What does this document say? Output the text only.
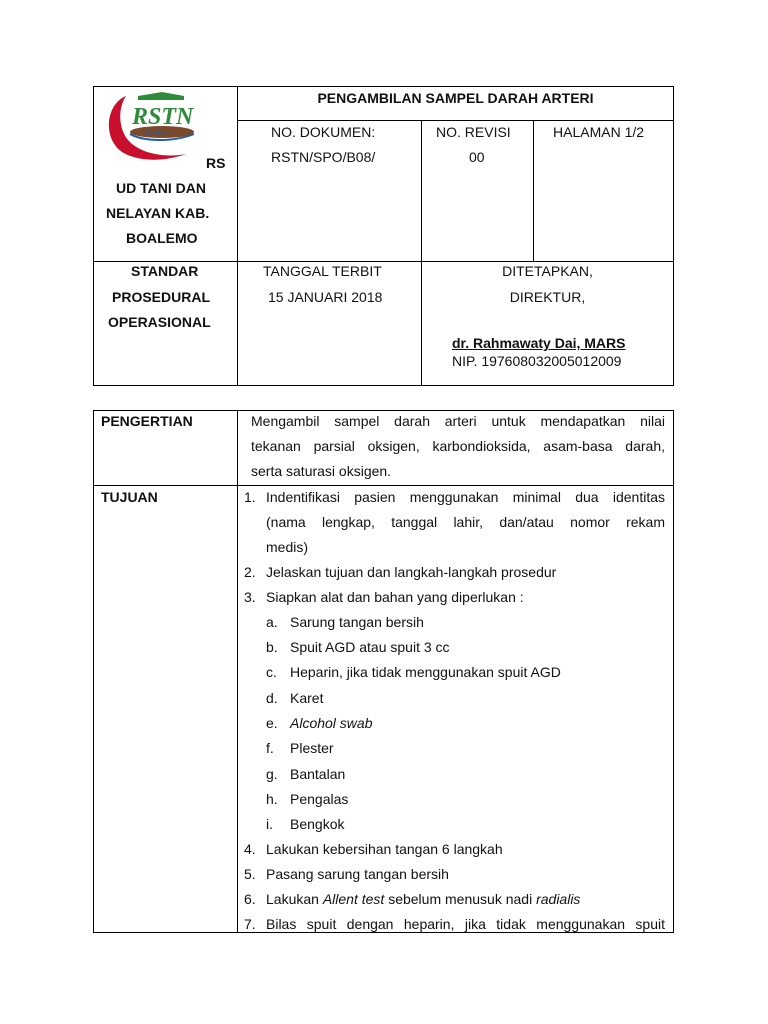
RSTN
Boalemo
RS
UD TANI DAN
NELAYAN KAB.
BOALEMO
PENGAMBILAN SAMPEL DARAH ARTERI
NO. DOKUMEN:
RSTN/SPO/B08/
NO. REVISI
00
HALAMAN 1/2
STANDAR
PROSEDURAL
OPERASIONAL
TANGGAL TERBIT
15 JANUARI 2018
DITETAPKAN,
DIREKTUR,
dr. Rahmawaty Dai, MARS
NIP. 197608032005012009
PENGERTIAN	Mengambil sampel darah arteri untuk mendapatkan nilai
tekanan parsial oksigen, karbondioksida, asam-basa darah,
serta saturasi oksigen.
TUJUAN	1. Indentifikasi pasien menggunakan minimal dua identitas
(nama lengkap, tanggal lahir, dan/atau nomor rekam
medis)
2. Jelaskan tujuan dan langkah-langkah prosedur
3. Siapkan alat dan bahan yang diperlukan :
a. Sarung tangan bersih
b. Spuit AGD atau spuit 3 cc
c. Heparin, jika tidak menggunakan spuit AGD
d. Karet
e. Alcohol swab
f. Plester
g. Bantalan
h. Pengalas
i. Bengkok
4. Lakukan kebersihan tangan 6 langkah
5. Pasang sarung tangan bersih
6. Lakukan Allent test sebelum menusuk nadi radialis
7. Bilas spuit dengan heparin, jika tidak menggunakan spuit
